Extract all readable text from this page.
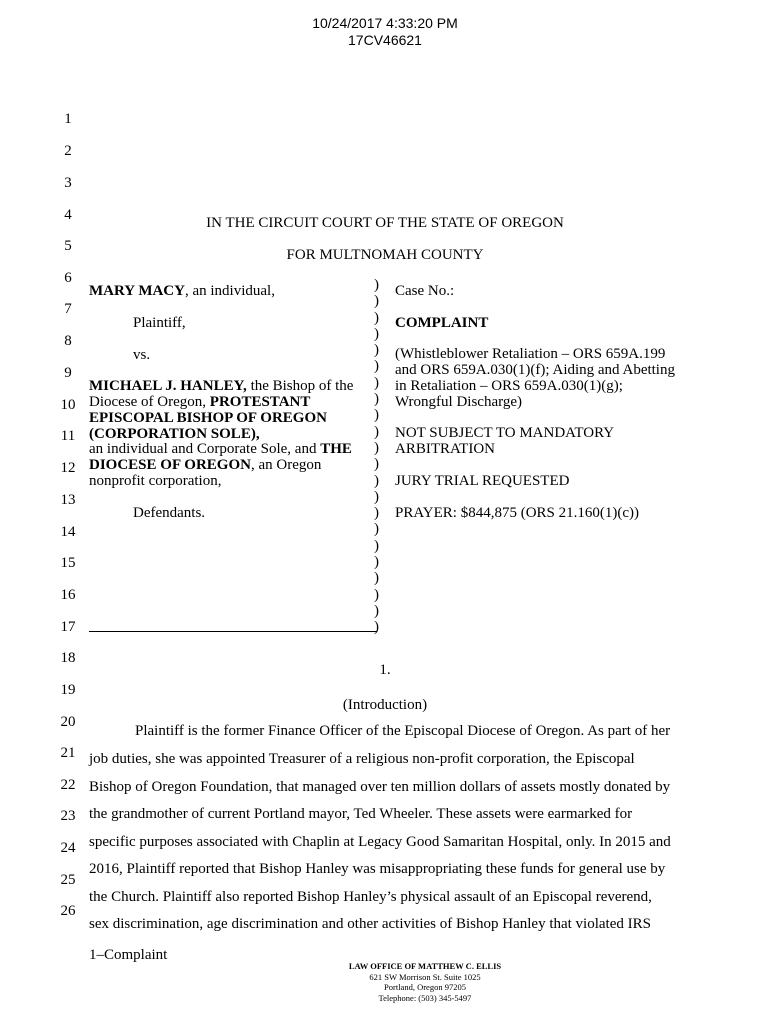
10/24/2017 4:33:20 PM
17CV46621
1
2
3
4
5
6
7
8
9
10
11
12
13
14
15
16
17
18
19
20
21
22
23
24
25
26
IN THE CIRCUIT COURT OF THE STATE OF OREGON
FOR MULTNOMAH COUNTY
MARY MACY, an individual,
Plaintiff,
vs.
MICHAEL J. HANLEY, the Bishop of the
Diocese of Oregon, PROTESTANT
EPISCOPAL BISHOP OF OREGON
(CORPORATION SOLE),
an individual and Corporate Sole, and THE
DIOCESE OF OREGON, an Oregon
nonprofit corporation,
Defendants.
)
)
)
)
)
)
)
)
)
)
)
)
)
)
)
)
)
)
)
)
)
)
Case No.:
COMPLAINT
(Whistleblower Retaliation – ORS 659A.199
and ORS 659A.030(1)(f); Aiding and Abetting
in Retaliation – ORS 659A.030(1)(g);
Wrongful Discharge)
NOT SUBJECT TO MANDATORY
ARBITRATION
JURY TRIAL REQUESTED
PRAYER: $844,875 (ORS 21.160(1)(c))
1.
(Introduction)
Plaintiff is the former Finance Officer of the Episcopal Diocese of Oregon. As part of her
job duties, she was appointed Treasurer of a religious non-profit corporation, the Episcopal
Bishop of Oregon Foundation, that managed over ten million dollars of assets mostly donated by
the grandmother of current Portland mayor, Ted Wheeler. These assets were earmarked for
specific purposes associated with Chaplin at Legacy Good Samaritan Hospital, only. In 2015 and
2016, Plaintiff reported that Bishop Hanley was misappropriating these funds for general use by
the Church. Plaintiff also reported Bishop Hanley’s physical assault of an Episcopal reverend,
sex discrimination, age discrimination and other activities of Bishop Hanley that violated IRS
1–Complaint
LAW OFFICE OF MATTHEW C. ELLIS
621 SW Morrison St. Suite 1025
Portland, Oregon 97205
Telephone: (503) 345-5497
